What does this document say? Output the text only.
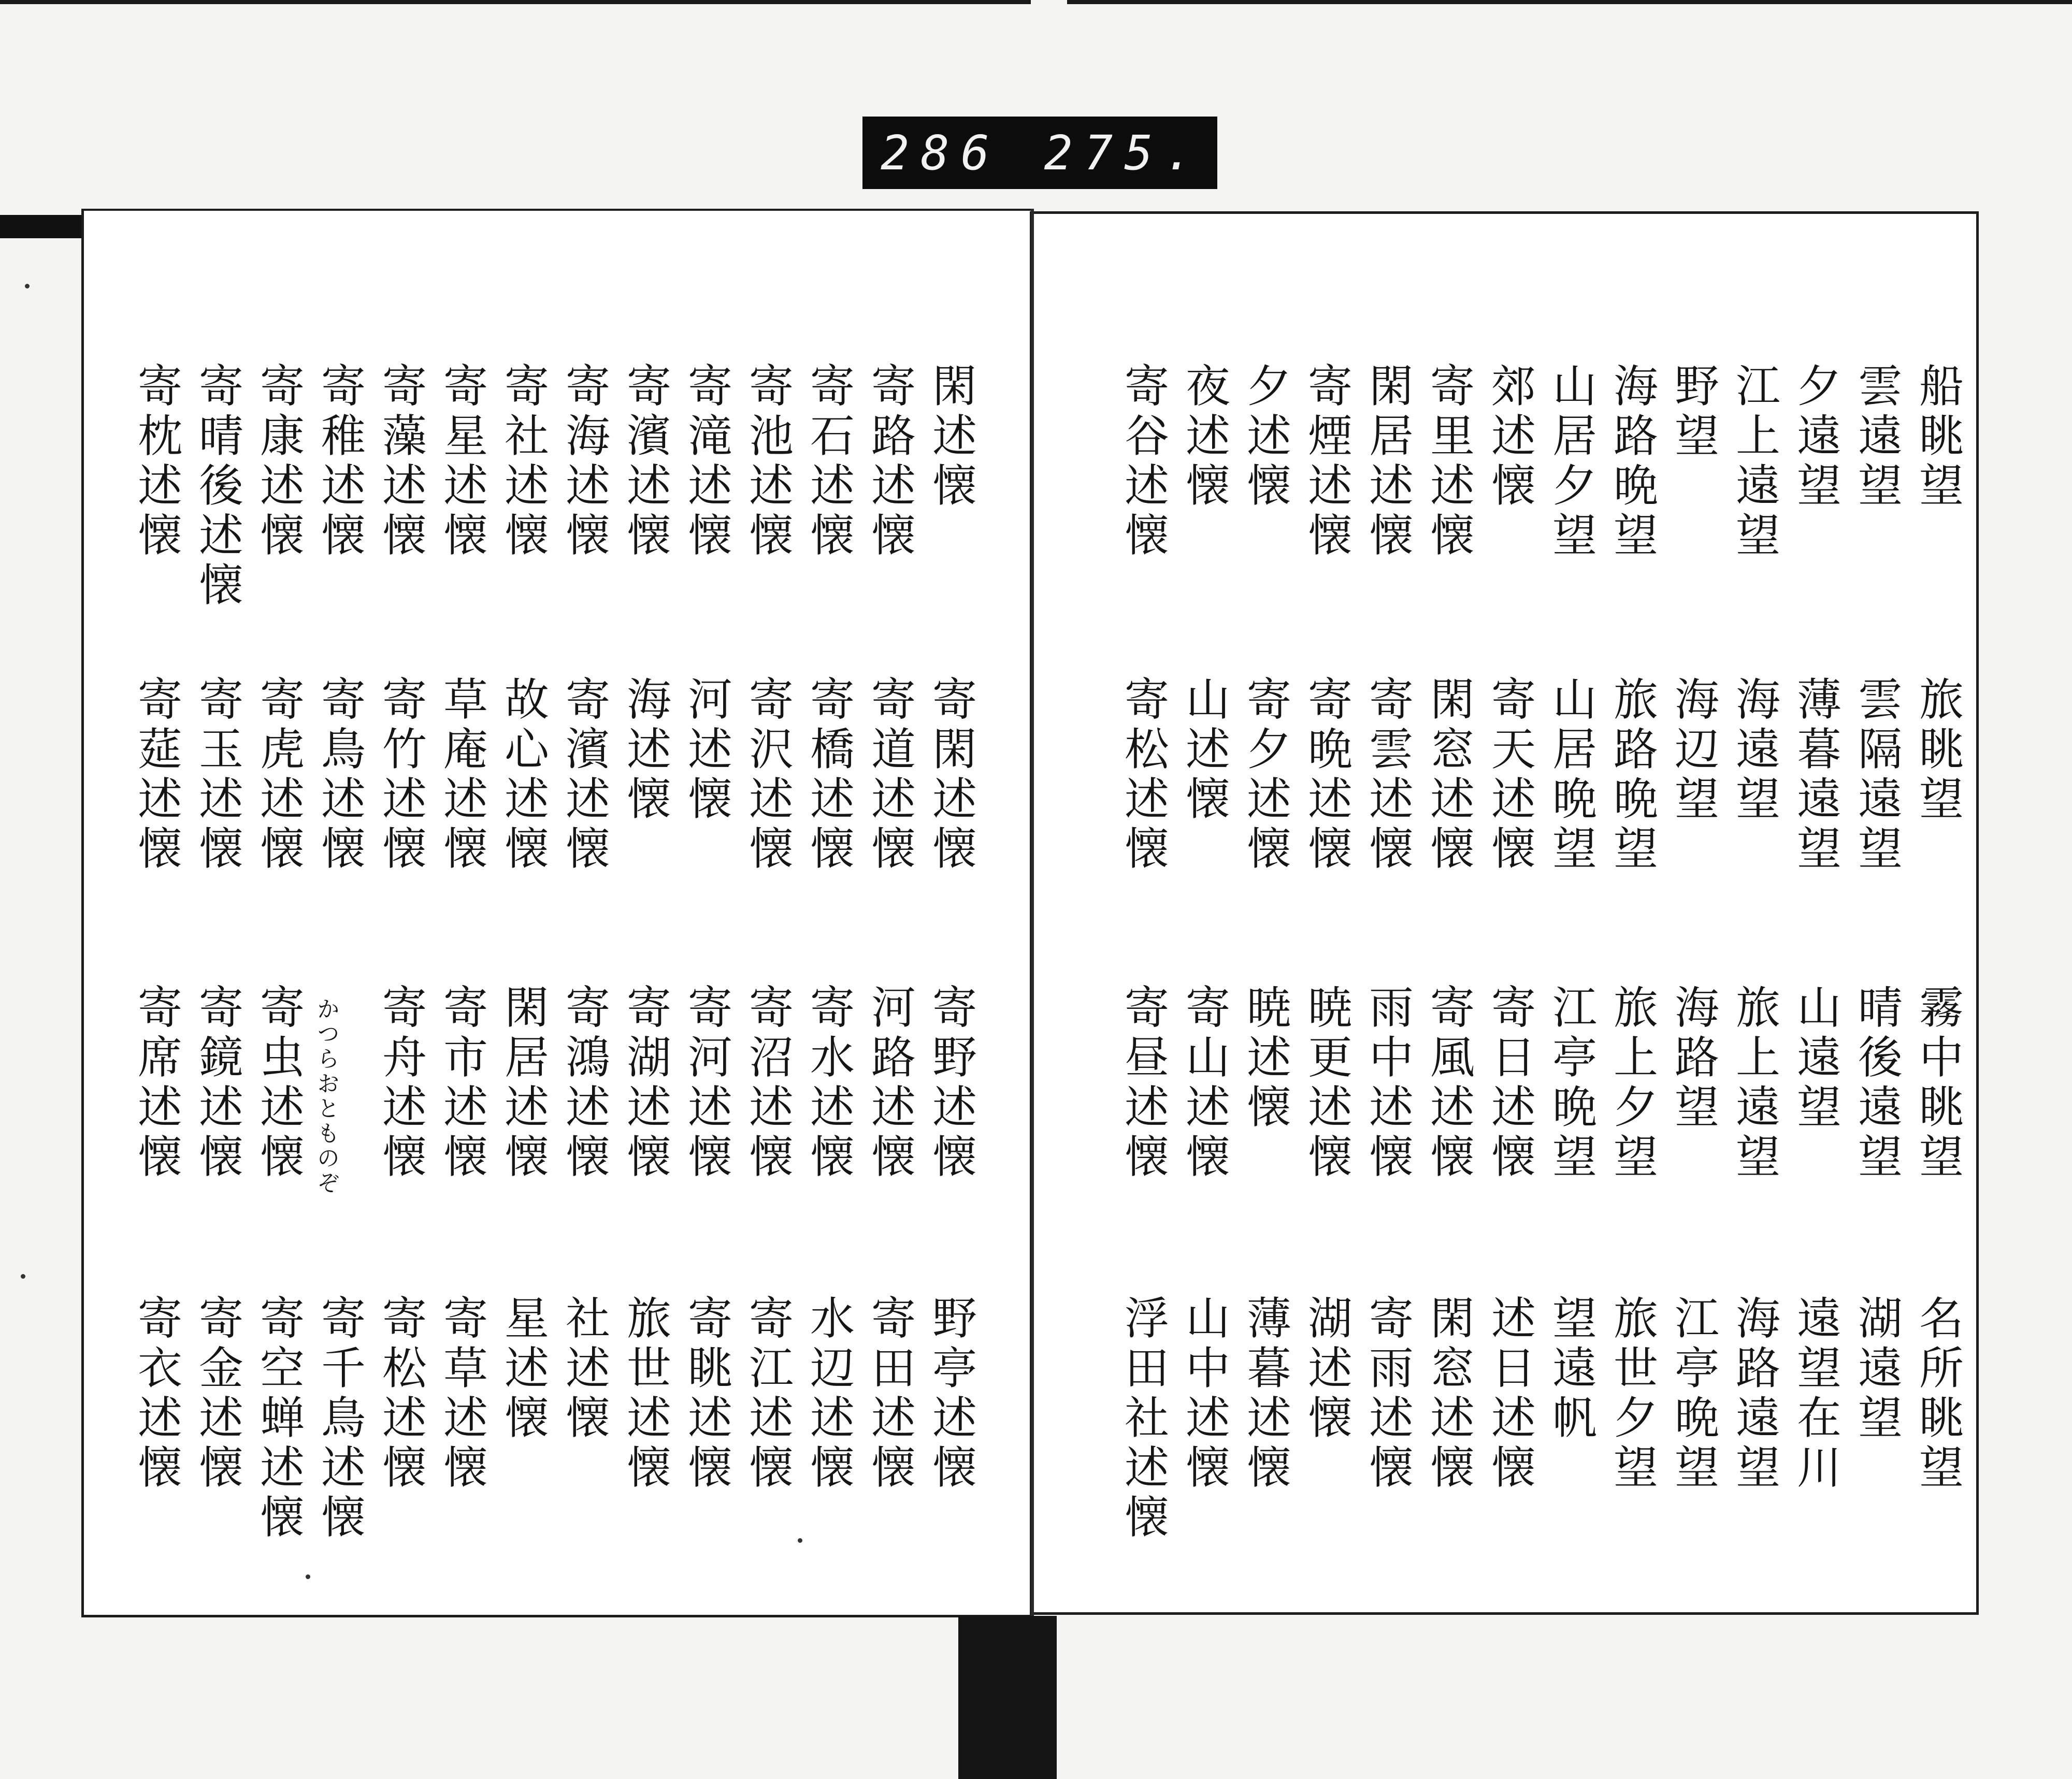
286 275.
船眺望
雲遠望
夕遠望
江上遠望
野望
海路晩望
山居夕望
郊述懐
寄里述懐
閑居述懐
寄煙述懐
夕述懐
夜述懐
寄谷述懐
旅眺望
雲隔遠望
薄暮遠望
海遠望
海辺望
旅路晩望
山居晩望
寄天述懐
閑窓述懐
寄雲述懐
寄晩述懐
寄夕述懐
山述懐
寄松述懐
霧中眺望
晴後遠望
山遠望
旅上遠望
海路望
旅上夕望
江亭晩望
寄日述懐
寄風述懐
雨中述懐
暁更述懐
暁述懐
寄山述懐
寄昼述懐
名所眺望
湖遠望
遠望在川
海路遠望
江亭晩望
旅世夕望
望遠帆
述日述懐
閑窓述懐
寄雨述懐
湖述懐
薄暮述懐
山中述懐
浮田社述懐
閑述懐
寄路述懐
寄石述懐
寄池述懐
寄滝述懐
寄濱述懐
寄海述懐
寄社述懐
寄星述懐
寄藻述懐
寄稚述懐
寄康述懐
寄晴後述懐
寄枕述懐
寄閑述懐
寄道述懐
寄橋述懐
寄沢述懐
河述懐
海述懐
寄濱述懐
故心述懐
草庵述懐
寄竹述懐
寄鳥述懐
寄虎述懐
寄玉述懐
寄莚述懐
寄野述懐
河路述懐
寄水述懐
寄沼述懐
寄河述懐
寄湖述懐
寄鴻述懐
閑居述懐
寄市述懐
寄舟述懐
かつらおとものぞ
寄虫述懐
寄鏡述懐
寄席述懐
野亭述懐
寄田述懐
水辺述懐
寄江述懐
寄眺述懐
旅世述懐
社述懐
星述懐
寄草述懐
寄松述懐
寄千鳥述懐
寄空蝉述懐
寄金述懐
寄衣述懐
